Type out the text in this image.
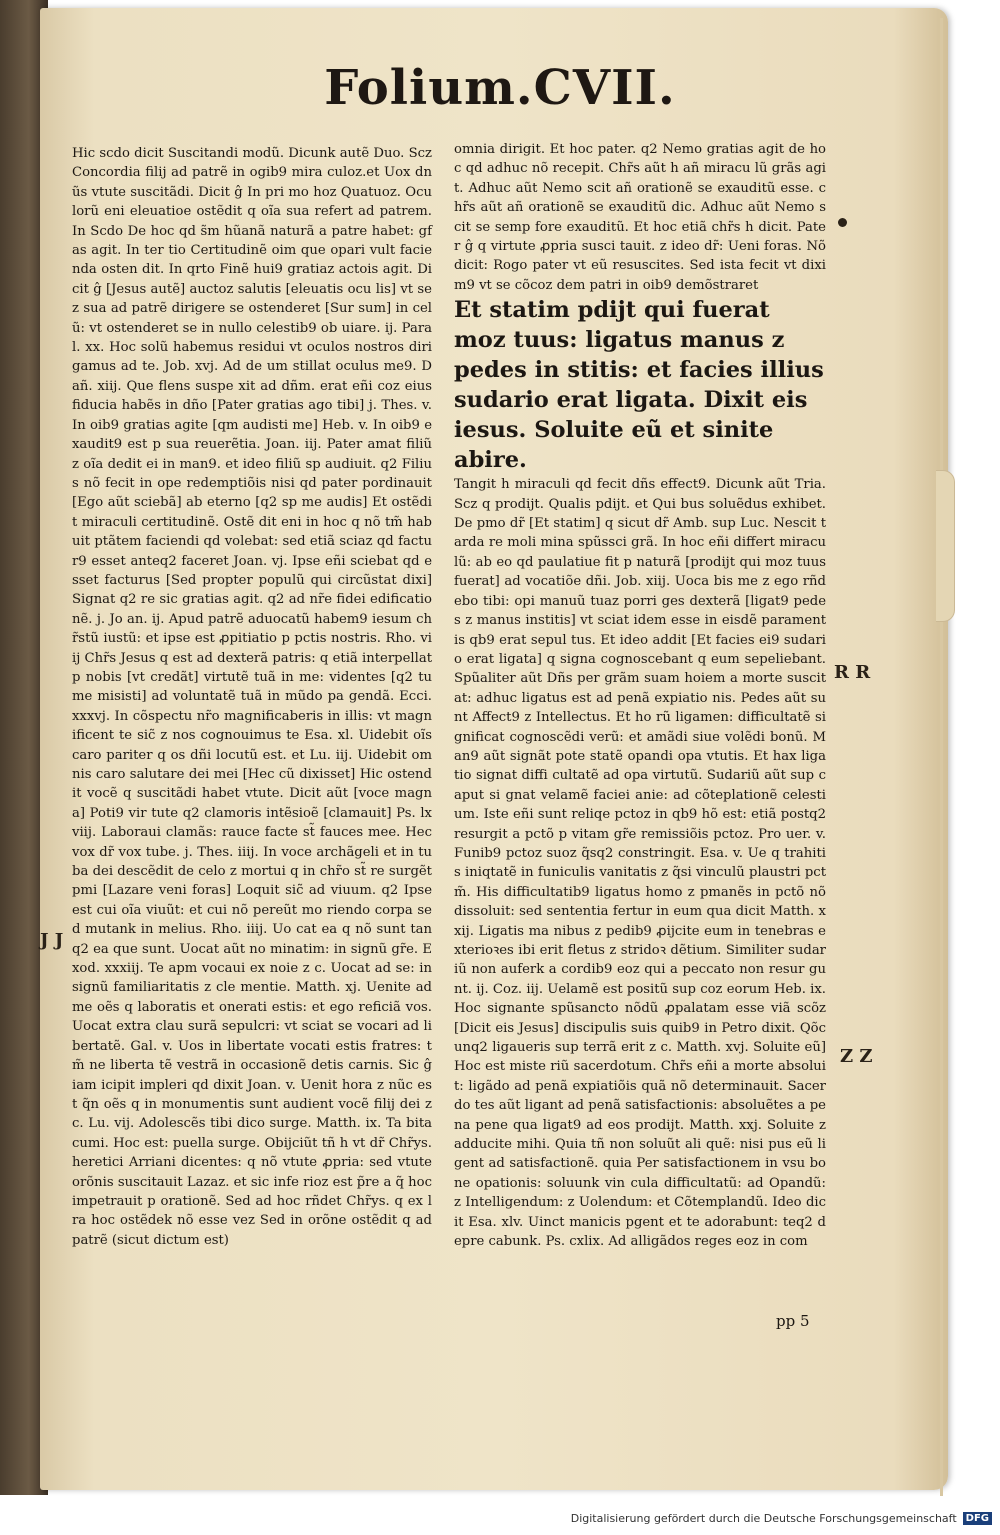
Folium.CVII.

Hic scdo dicit Suscitandi modũ. Dicunk autẽ Duo. Scz Concordia filij ad patrẽ in ogib9 mira culoz.et Uox dnũs vtute suscitãdi. Dicit ĝ In pri mo hoz Quatuoz. Oculorũ eni eleuatioe ostẽdit q oĩa sua refert ad patrem. In Scdo De hoc qd s̃m hũanã naturã a patre habet: gfas agit. In ter tio Certitudinẽ oim que opari vult facienda osten dit. In qrto Finẽ hui9 gratiaz actois agit. Dicit ĝ [Jesus autẽ] auctoz salutis [eleuatis ocu lis] vt se z sua ad patrẽ dirigere se ostenderet [Sur sum] in celũ: vt ostenderet se in nullo celestib9 ob uiare. ij. Paral. xx. Hoc solũ habemus residui vt oculos nostros dirigamus ad te. Job. xvj. Ad de um stillat oculus me9. Dañ. xiij. Que flens suspe xit ad dñm. erat eñi coz eius fiducia habẽs in dño [Pater gratias ago tibi] j. Thes. v. In oib9 gratias agite [qm audisti me] Heb. v. In oib9 exaudit9 est p sua reuerẽtia. Joan. iij. Pater amat filiũ z oĩa dedit ei in man9. et ideo filiũ sp audiuit. q2 Filius nõ fecit in ope redemptiõis nisi qd pater pordinauit [Ego aũt sciebã] ab eterno [q2 sp me audis] Et ostẽdit miraculi certitudinẽ. Ostẽ dit eni in hoc q nõ tm̃ habuit ptãtem faciendi qd volebat: sed etiã sciaz qd factur9 esset anteq2 faceret Joan. vj. Ipse eñi sciebat qd esset facturus [Sed propter populũ qui circũstat dixi] Signat q2 re sic gratias agit. q2 ad nr̃e fidei edificationẽ. j. Jo an. ij. Apud patrẽ aduocatũ habem9 iesum chr̃stũ iustũ: et ipse est ꝓpitiatio p pctis nostris. Rho. viij Chr̃s Jesus q est ad dexterã patris: q etiã interpellat p nobis [vt credãt] virtutẽ tuã in me: videntes [q2 tu me misisti] ad voluntatẽ tuã in mũdo pa gendã. Ecci. xxxvj. In cõspectu nr̃o magnificaberis in illis: vt magnificent te sic̃ z nos cognouimus te Esa. xl. Uidebit oĩs caro pariter q os dñi locutũ est. et Lu. iij. Uidebit omnis caro salutare dei mei [Hec cũ dixisset] Hic ostendit vocẽ q suscitãdi habet vtute. Dicit aũt [voce magna] Poti9 vir tute q2 clamoris intẽsioẽ [clamauit] Ps. lxviij. Laboraui clamãs: rauce facte st̃ fauces mee. Hec vox dr̃ vox tube. j. Thes. iiij. In voce archãgeli et in tuba dei descẽdit de celo z mortui q in chr̃o st̃ re surgẽt pmi [Lazare veni foras] Loquit sic̃ ad viuum. q2 Ipse est cui oĩa viuũt: et cui nõ pereũt mo riendo corpa sed mutank in melius. Rho. iiij. Uo cat ea q nõ sunt tanq2 ea que sunt. Uocat aũt no minatim: in signũ gr̃e. Exod. xxxiij. Te apm vocaui ex noie z c. Uocat ad se: in signũ familiaritatis z cle mentie. Matth. xj. Uenite ad me oẽs q laboratis et onerati estis: et ego reficiã vos. Uocat extra clau surã sepulcri: vt sciat se vocari ad libertatẽ. Gal. v. Uos in libertate vocati estis fratres: tm̃ ne liberta tẽ vestrã in occasionẽ detis carnis. Sic ĝ iam icipit impleri qd dixit Joan. v. Uenit hora z nũc est q̃n oẽs q in monumentis sunt audient vocẽ filij dei z c. Lu. vij. Adolescẽs tibi dico surge. Matth. ix. Ta bita cumi. Hoc est: puella surge. Obijciũt tñ h vt dr̃ Chr̃ys. heretici Arriani dicentes: q nõ vtute ꝓpria: sed vtute orõnis suscitauit Lazaz. et sic infe rioz est p̃re a q̃ hoc impetrauit p orationẽ. Sed ad hoc rñdet Chr̃ys. q ex lra hoc ostẽdek nõ esse vez Sed in orõne ostẽdit q ad patrẽ (sicut dictum est)

omnia dirigit. Et hoc pater. q2 Nemo gratias agit de hoc qd adhuc nõ recepit. Chr̃s aũt h añ miracu lũ grãs agit. Adhuc aũt Nemo scit añ orationẽ se exauditũ esse. chr̃s aũt añ orationẽ se exauditũ dic. Adhuc aũt Nemo scit se semp fore exauditũ. Et hoc etiã chr̃s h dicit. Pater ĝ q virtute ꝓpria susci tauit. z ideo dr̃: Ueni foras. Nõ dicit: Rogo pater vt eũ resuscites. Sed ista fecit vt dixim9 vt se cõcoz dem patri in oib9 demõstraret

Et statim pdijt qui fuerat moz tuus: ligatus manus z pedes in stitis: et facies illius sudario erat ligata. Dixit eis iesus. Soluite eũ et sinite abire.

Tangit h miraculi qd fecit dñs effect9. Dicunk aũt Tria. Scz q prodijt. Qualis pdijt. et Qui bus soluẽdus exhibet. De pmo dr̃ [Et statim] q sicut dr̃ Amb. sup Luc. Nescit tarda re moli mina spũssci grã. In hoc eñi differt miraculũ: ab eo qd paulatiue fit p naturã [prodijt qui moz tuus fuerat] ad vocatiõe dñi. Job. xiij. Uoca bis me z ego rñdebo tibi: opi manuũ tuaz porri ges dexterã [ligat9 pedes z manus institis] vt sciat idem esse in eisdẽ paramentis qb9 erat sepul tus. Et ideo addit [Et facies ei9 sudario erat ligata] q signa cognoscebant q eum sepeliebant. Spũaliter aũt Dñs per grãm suam hoiem a morte suscitat: adhuc ligatus est ad penã expiatio nis. Pedes aũt sunt Affect9 z Intellectus. Et ho rũ ligamen: difficultatẽ significat cognoscẽdi verũ: et amãdi siue volẽdi bonũ. Man9 aũt signãt pote statẽ opandi opa vtutis. Et hax ligatio signat diffi cultatẽ ad opa virtutũ. Sudariũ aũt sup caput si gnat velamẽ faciei anie: ad cõteplationẽ celestium. Iste eñi sunt reliqe pctoz in qb9 hõ est: etiã postq2 resurgit a pctõ p vitam gr̃e remissiõis pctoz. Pro uer. v. Funib9 pctoz suoz q̃sq2 constringit. Esa. v. Ue q trahitis iniqtatẽ in funiculis vanitatis z q̃si vinculũ plaustri pctm̃. His difficultatib9 ligatus homo z pmanẽs in pctõ nõ dissoluit: sed sententia fertur in eum qua dicit Matth. xxij. Ligatis ma nibus z pedib9 ꝓijcite eum in tenebras exterioꝛes ibi erit fletus z stridoꝛ dẽtium. Similiter sudariũ non auferk a cordib9 eoz qui a peccato non resur gunt. ij. Coz. iij. Uelamẽ est positũ sup coz eorum Heb. ix. Hoc signante spũsancto nõdũ ꝓpalatam esse viã scõz [Dicit eis Jesus] discipulis suis quib9 in Petro dixit. Qõcunq2 ligaueris sup terrã erit z c. Matth. xvj. Soluite eũ] Hoc est miste riũ sacerdotum. Chr̃s eñi a morte absoluit: ligãdo ad penã expiatiõis quã nõ determinauit. Sacerdo tes aũt ligant ad penã satisfactionis: absoluẽtes a pena pene qua ligat9 ad eos prodijt. Matth. xxj. Soluite z adducite mihi. Quia tñ non soluũt ali quẽ: nisi pus eũ ligent ad satisfactionẽ. quia Per satisfactionem in vsu bone opationis: soluunk vin cula difficultatũ: ad Opandũ: z Intelligendum: z Uolendum: et Cõtemplandũ. Ideo dicit Esa. xlv. Uinct manicis pgent et te adorabunt: teq2 depre cabunk. Ps. cxlix. Ad alligãdos reges eoz in com

J J
R R
Z Z
pp 5
Digitalisierung gefördert durch die Deutsche Forschungsgemeinschaft DFG
